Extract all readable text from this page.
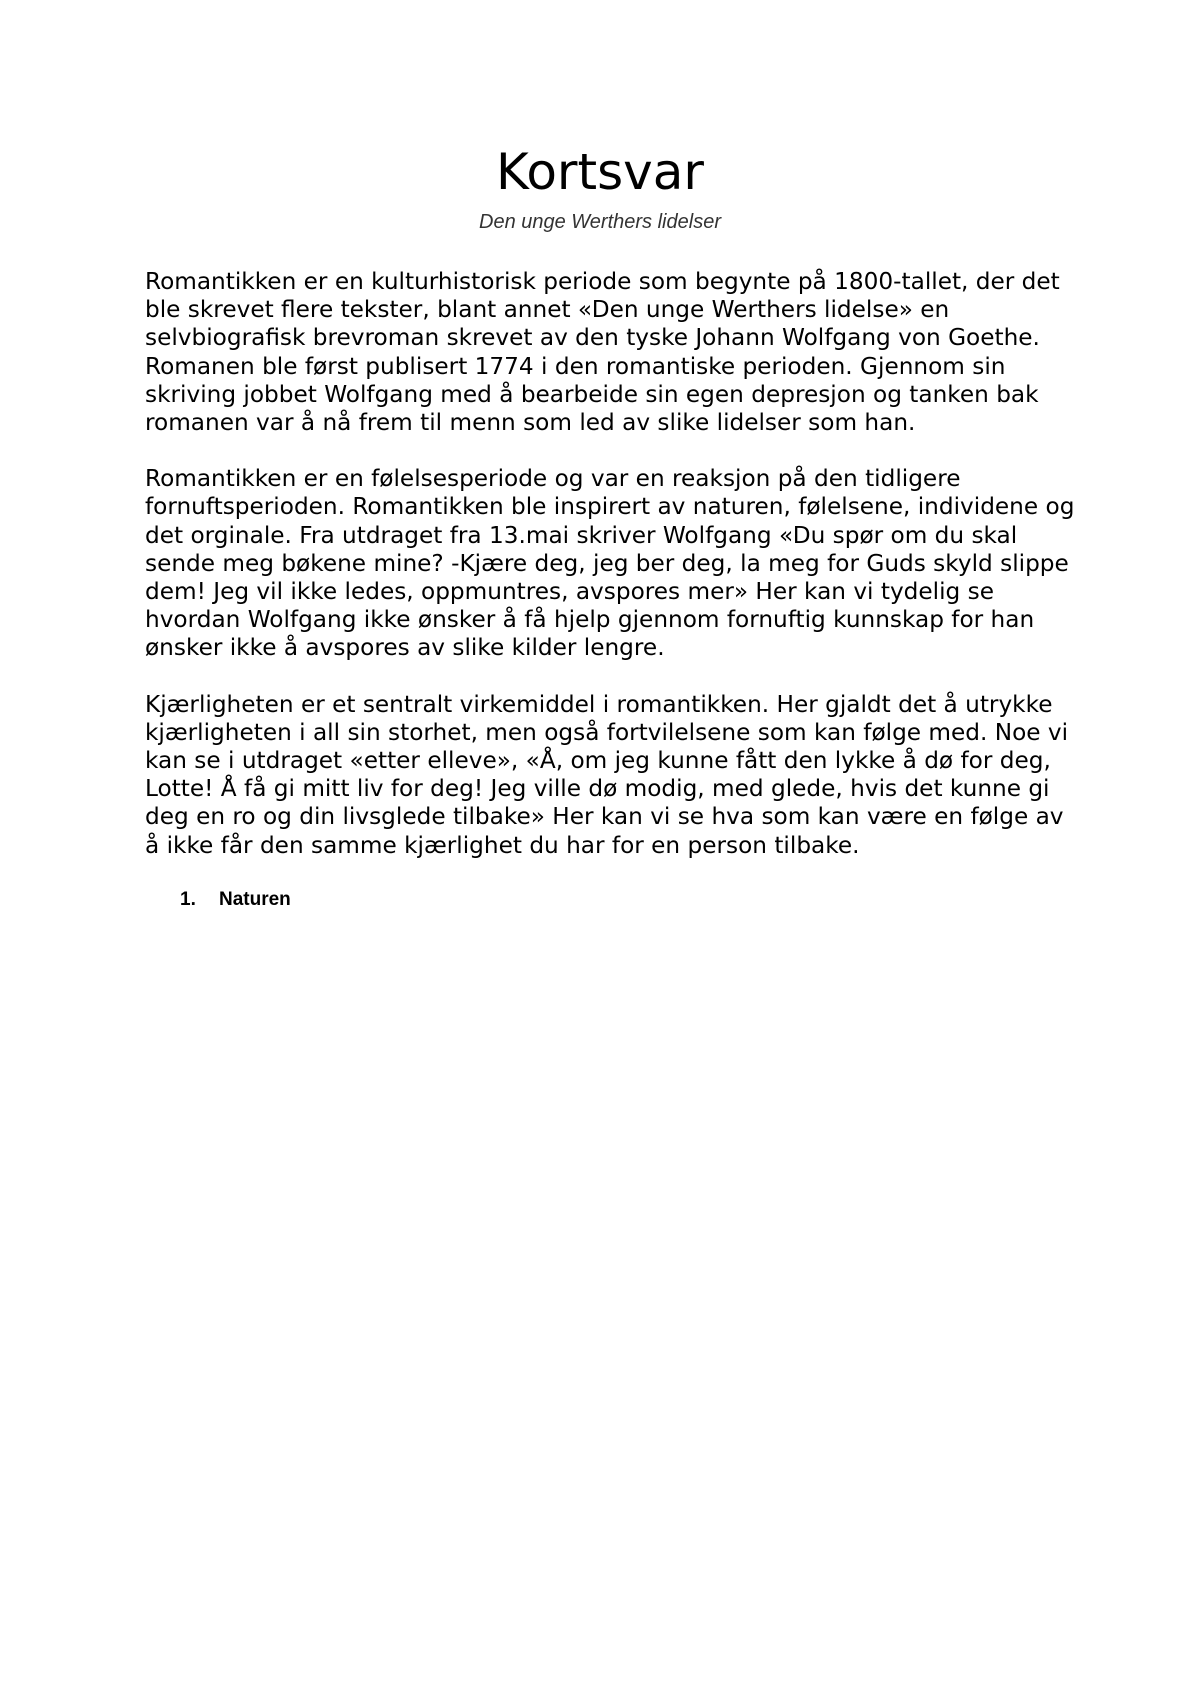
Kortsvar

Den unge Werthers lidelser

Romantikken er en kulturhistorisk periode som begynte på 1800-tallet, der det ble skrevet flere tekster, blant annet «Den unge Werthers lidelse» en selvbiografisk brevroman skrevet av den tyske Johann Wolfgang von Goethe. Romanen ble først publisert 1774 i den romantiske perioden. Gjennom sin skriving jobbet Wolfgang med å bearbeide sin egen depresjon og tanken bak romanen var å nå frem til menn som led av slike lidelser som han.

Romantikken er en følelsesperiode og var en reaksjon på den tidligere fornuftsperioden. Romantikken ble inspirert av naturen, følelsene, individene og det orginale. Fra utdraget fra 13.mai skriver Wolfgang «Du spør om du skal sende meg bøkene mine? -Kjære deg, jeg ber deg, la meg for Guds skyld slippe dem! Jeg vil ikke ledes, oppmuntres, avspores mer» Her kan vi tydelig se hvordan Wolfgang ikke ønsker å få hjelp gjennom fornuftig kunnskap for han ønsker ikke å avspores av slike kilder lengre.

Kjærligheten er et sentralt virkemiddel i romantikken. Her gjaldt det å utrykke kjærligheten i all sin storhet, men også fortvilelsene som kan følge med. Noe vi kan se i utdraget «etter elleve», «Å, om jeg kunne fått den lykke å dø for deg, Lotte! Å få gi mitt liv for deg! Jeg ville dø modig, med glede, hvis det kunne gi deg en ro og din livsglede tilbake» Her kan vi se hva som kan være en følge av å ikke får den samme kjærlighet du har for en person tilbake.

1. Naturen
